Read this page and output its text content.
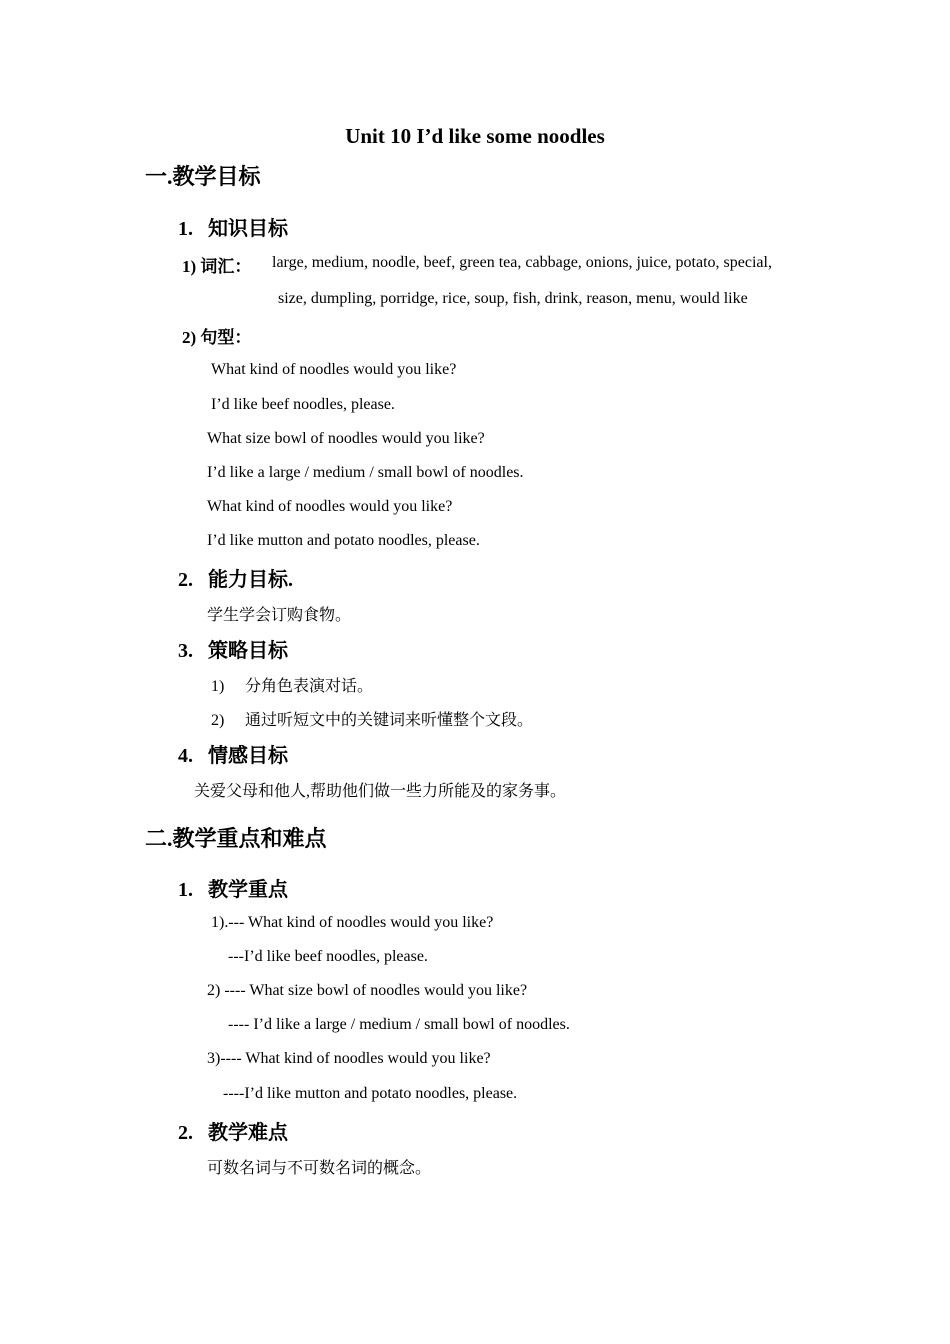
Unit 10 I’d like some noodles
一.教学目标
1. 知识目标
1) 词汇： large, medium, noodle, beef, green tea, cabbage, onions, juice, potato, special,
size, dumpling, porridge, rice, soup, fish, drink, reason, menu, would like
2) 句型：
What kind of noodles would you like?
I’d like beef noodles, please.
What size bowl of noodles would you like?
I’d like a large / medium / small bowl of noodles.
What kind of noodles would you like?
I’d like mutton and potato noodles, please.
2. 能力目标.
学生学会订购食物。
3. 策略目标
1) 分角色表演对话。
2) 通过听短文中的关键词来听懂整个文段。
4. 情感目标
关爱父母和他人,帮助他们做一些力所能及的家务事。
二.教学重点和难点
1. 教学重点
1).--- What kind of noodles would you like?
---I’d like beef noodles, please.
2) ---- What size bowl of noodles would you like?
---- I’d like a large / medium / small bowl of noodles.
3)---- What kind of noodles would you like?
----I’d like mutton and potato noodles, please.
2. 教学难点
可数名词与不可数名词的概念。
